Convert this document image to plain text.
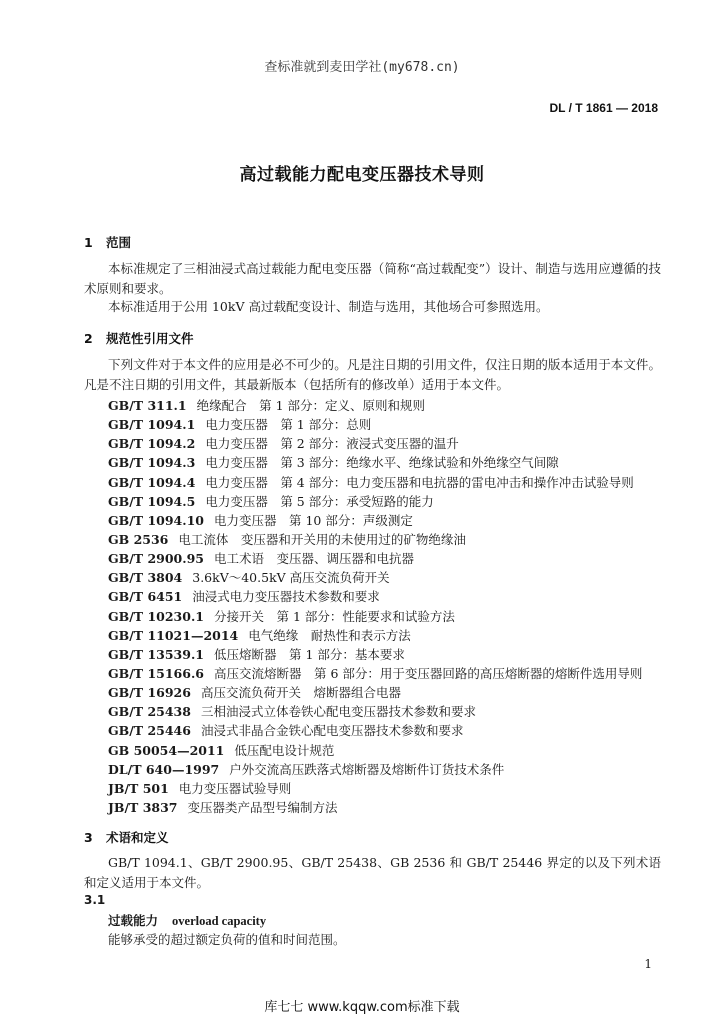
查标准就到麦田学社(my678.cn)
DL / T 1861 — 2018
高过载能力配电变压器技术导则
1 范围
本标准规定了三相油浸式高过载能力配电变压器（简称“高过载配变”）设计、制造与选用应遵循的技术原则和要求。
本标准适用于公用 10kV 高过载配变设计、制造与选用，其他场合可参照选用。
2 规范性引用文件
下列文件对于本文件的应用是必不可少的。凡是注日期的引用文件，仅注日期的版本适用于本文件。凡是不注日期的引用文件，其最新版本（包括所有的修改单）适用于本文件。
GB/T 311.1 绝缘配合　第 1 部分：定义、原则和规则
GB/T 1094.1 电力变压器　第 1 部分：总则
GB/T 1094.2 电力变压器　第 2 部分：液浸式变压器的温升
GB/T 1094.3 电力变压器　第 3 部分：绝缘水平、绝缘试验和外绝缘空气间隙
GB/T 1094.4 电力变压器　第 4 部分：电力变压器和电抗器的雷电冲击和操作冲击试验导则
GB/T 1094.5 电力变压器　第 5 部分：承受短路的能力
GB/T 1094.10 电力变压器　第 10 部分：声级测定
GB 2536 电工流体　变压器和开关用的未使用过的矿物绝缘油
GB/T 2900.95 电工术语　变压器、调压器和电抗器
GB/T 3804 3.6kV～40.5kV 高压交流负荷开关
GB/T 6451 油浸式电力变压器技术参数和要求
GB/T 10230.1 分接开关　第 1 部分：性能要求和试验方法
GB/T 11021—2014 电气绝缘　耐热性和表示方法
GB/T 13539.1 低压熔断器　第 1 部分：基本要求
GB/T 15166.6 高压交流熔断器　第 6 部分：用于变压器回路的高压熔断器的熔断件选用导则
GB/T 16926 高压交流负荷开关　熔断器组合电器
GB/T 25438 三相油浸式立体卷铁心配电变压器技术参数和要求
GB/T 25446 油浸式非晶合金铁心配电变压器技术参数和要求
GB 50054—2011 低压配电设计规范
DL/T 640—1997 户外交流高压跌落式熔断器及熔断件订货技术条件
JB/T 501 电力变压器试验导则
JB/T 3837 变压器类产品型号编制方法
3 术语和定义
GB/T 1094.1、GB/T 2900.95、GB/T 25438、GB 2536 和 GB/T 25446 界定的以及下列术语和定义适用于本文件。
3.1
过载能力 overload capacity
能够承受的超过额定负荷的值和时间范围。
1
库七七 www.kqqw.com标准下载
